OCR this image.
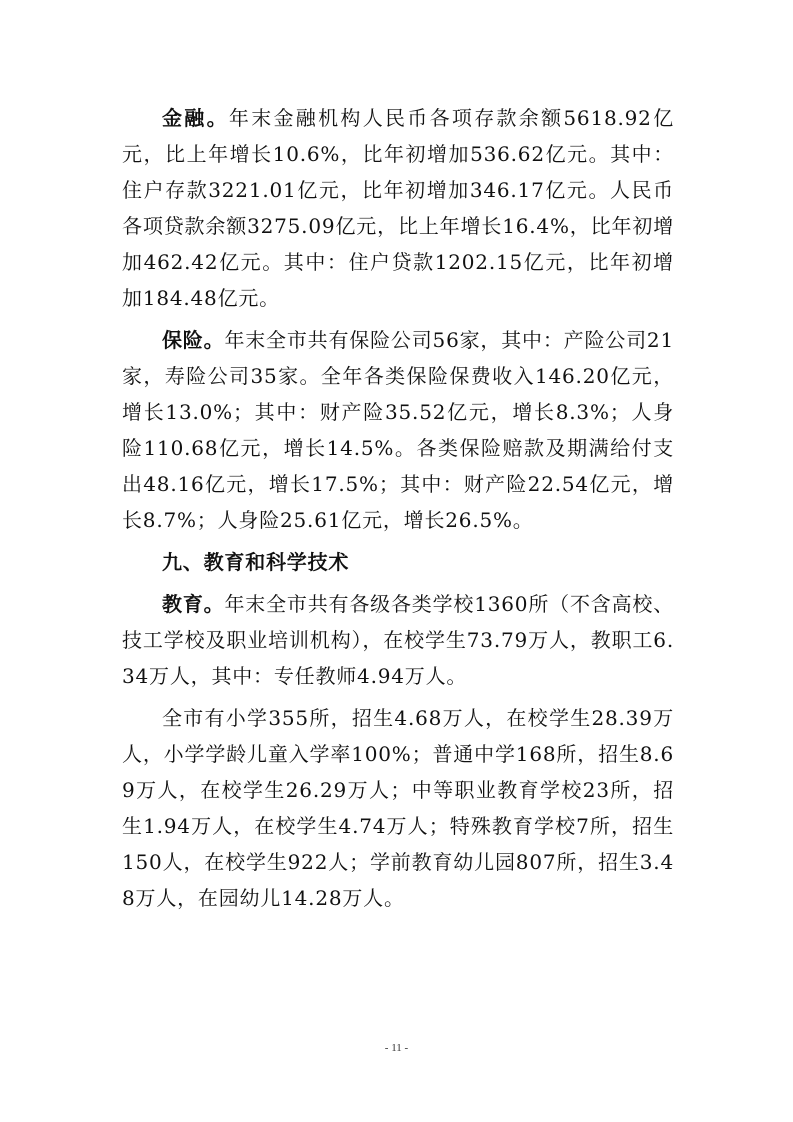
金融。年末金融机构人民币各项存款余额5618.92亿元，比上年增长10.6%，比年初增加536.62亿元。其中：住户存款3221.01亿元，比年初增加346.17亿元。人民币各项贷款余额3275.09亿元，比上年增长16.4%，比年初增加462.42亿元。其中：住户贷款1202.15亿元，比年初增加184.48亿元。

保险。年末全市共有保险公司56家，其中：产险公司21家，寿险公司35家。全年各类保险保费收入146.20亿元，增长13.0%；其中：财产险35.52亿元，增长8.3%；人身险110.68亿元，增长14.5%。各类保险赔款及期满给付支出48.16亿元，增长17.5%；其中：财产险22.54亿元，增长8.7%；人身险25.61亿元，增长26.5%。

九、教育和科学技术

教育。年末全市共有各级各类学校1360所（不含高校、技工学校及职业培训机构），在校学生73.79万人，教职工6.34万人，其中：专任教师4.94万人。

全市有小学355所，招生4.68万人，在校学生28.39万人，小学学龄儿童入学率100%；普通中学168所，招生8.69万人，在校学生26.29万人；中等职业教育学校23所，招生1.94万人，在校学生4.74万人；特殊教育学校7所，招生150人，在校学生922人；学前教育幼儿园807所，招生3.48万人，在园幼儿14.28万人。

- 11 -
